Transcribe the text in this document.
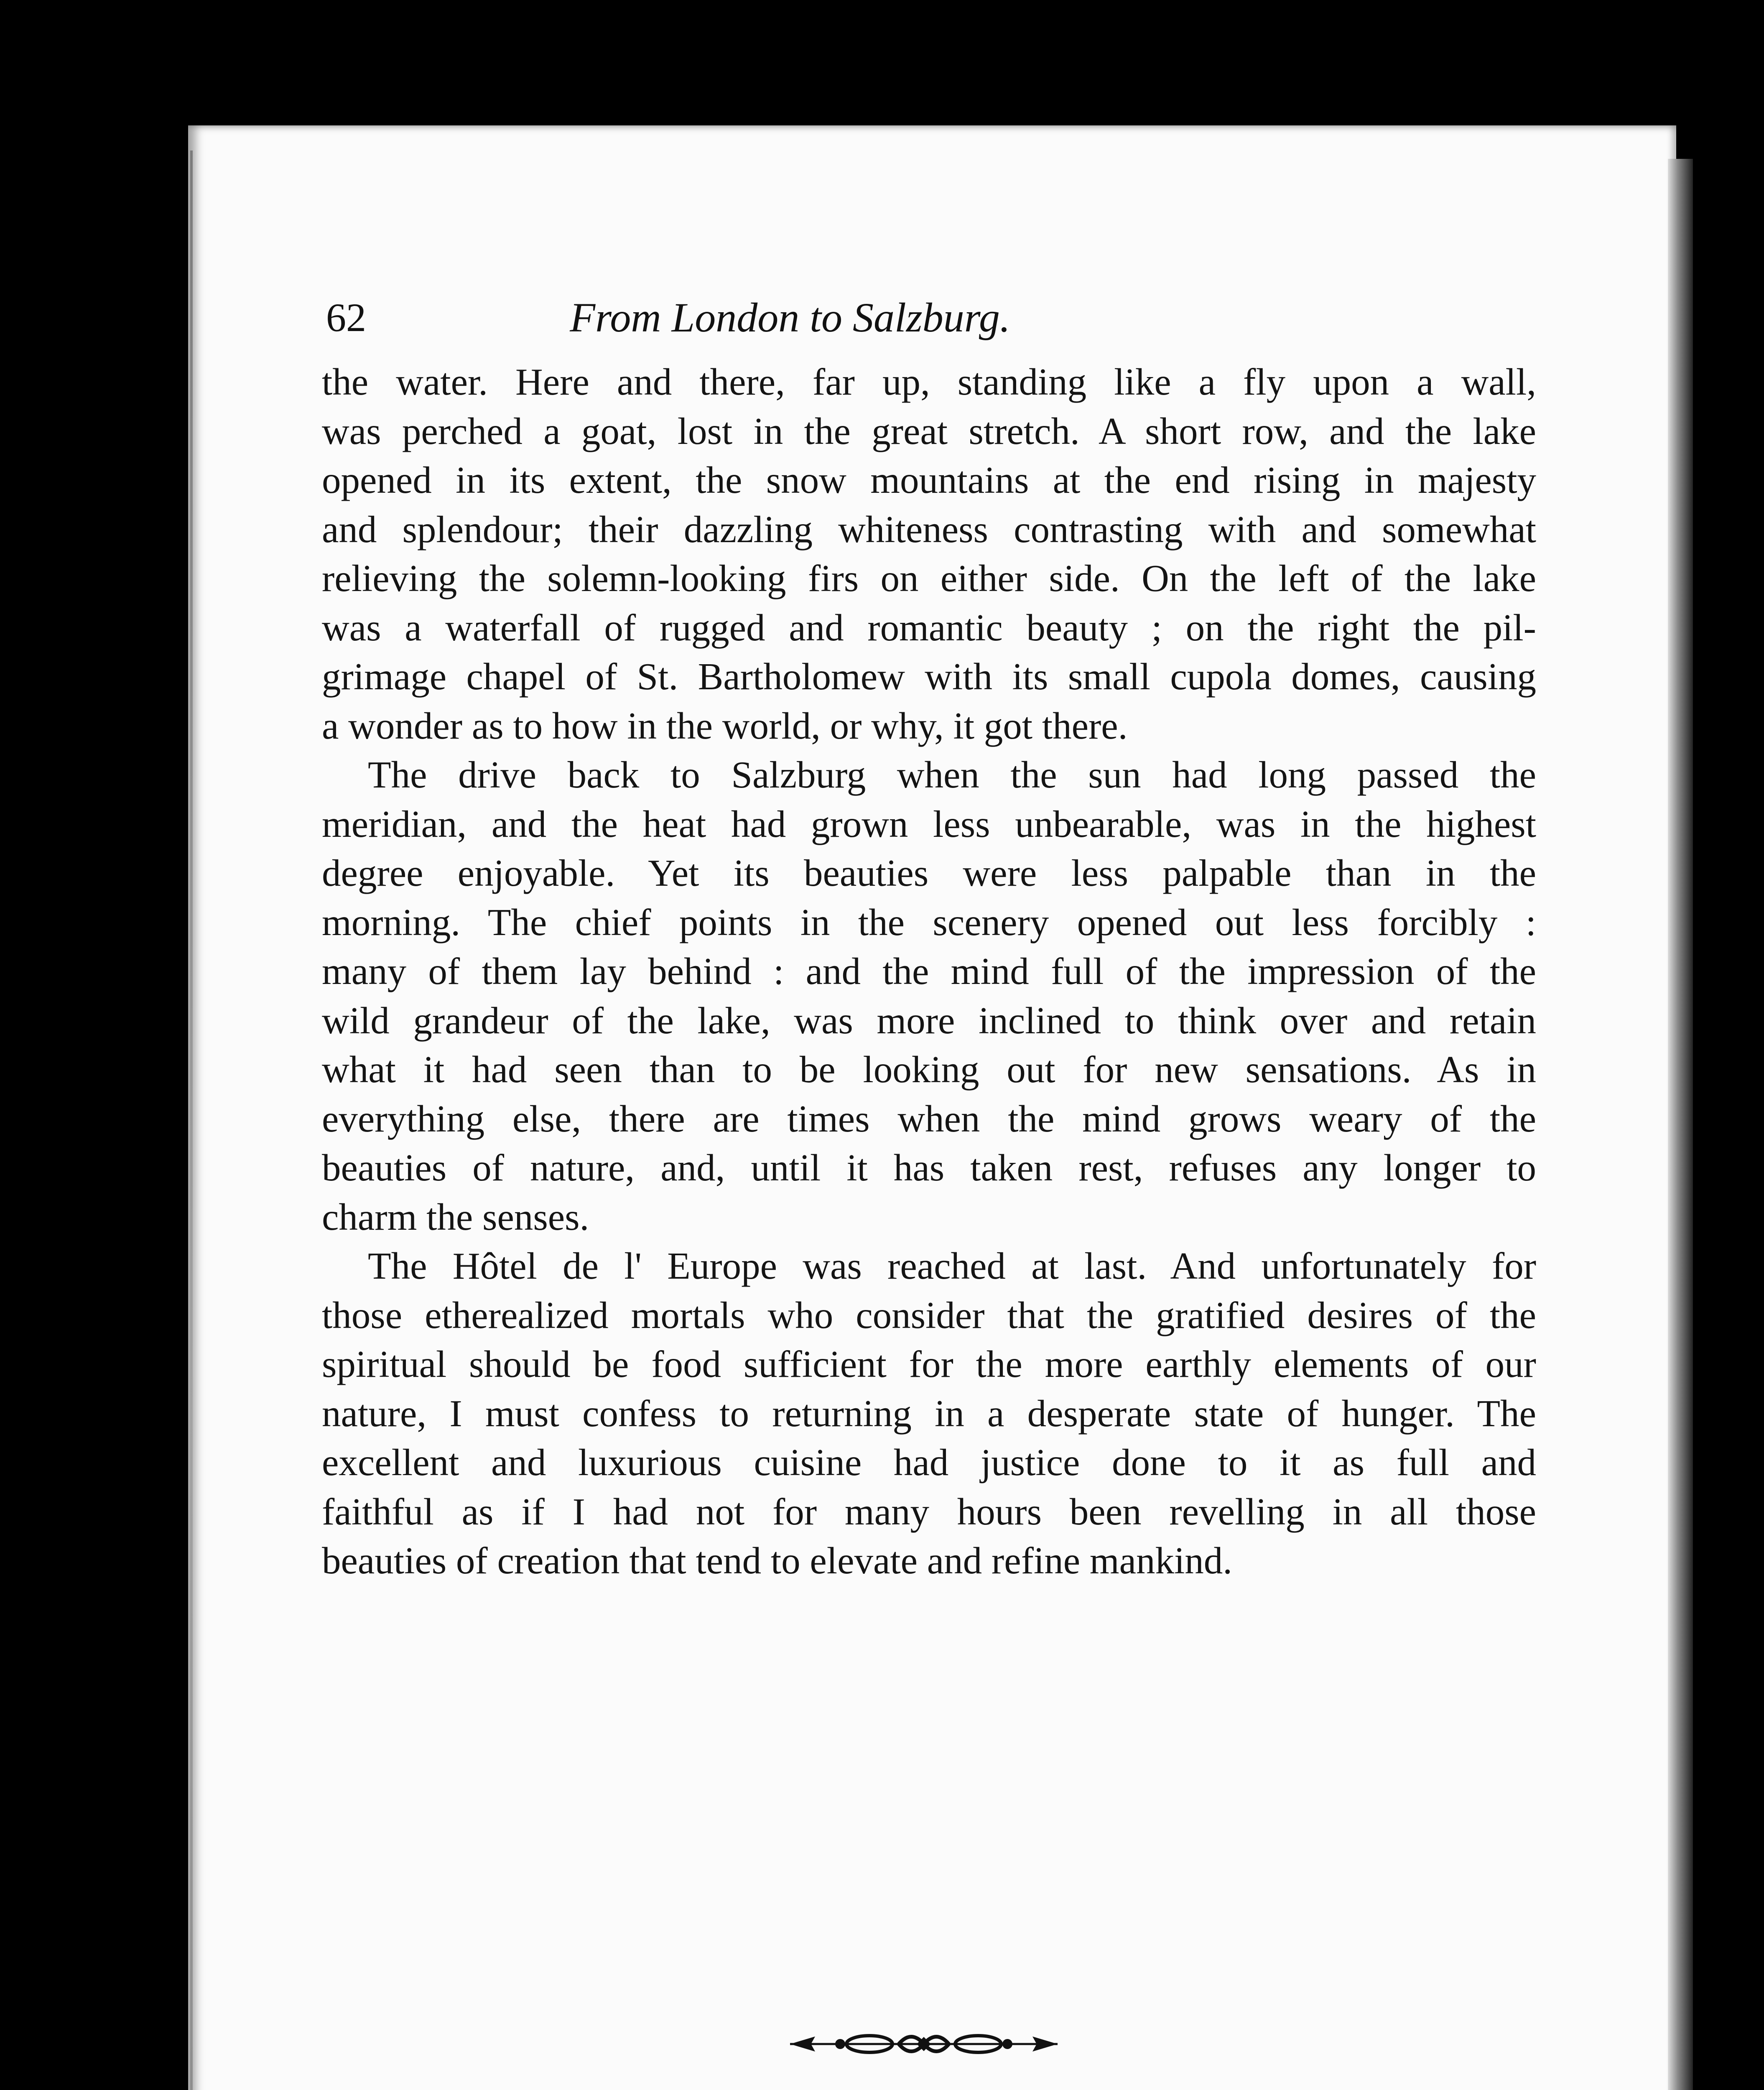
62	From London to Salzburg.
the water. Here and there, far up, standing like a fly upon a wall,
was perched a goat, lost in the great stretch. A short row, and the lake
opened in its extent, the snow mountains at the end rising in majesty
and splendour; their dazzling whiteness contrasting with and somewhat
relieving the solemn-looking firs on either side. On the left of the lake
was a waterfall of rugged and romantic beauty ; on the right the pil-
grimage chapel of St. Bartholomew with its small cupola domes, causing
a wonder as to how in the world, or why, it got there.
The drive back to Salzburg when the sun had long passed the
meridian, and the heat had grown less unbearable, was in the highest
degree enjoyable. Yet its beauties were less palpable than in the
morning. The chief points in the scenery opened out less forcibly :
many of them lay behind : and the mind full of the impression of the
wild grandeur of the lake, was more inclined to think over and retain
what it had seen than to be looking out for new sensations. As in
everything else, there are times when the mind grows weary of the
beauties of nature, and, until it has taken rest, refuses any longer to
charm the senses.
The Hôtel de l' Europe was reached at last. And unfortunately for
those etherealized mortals who consider that the gratified desires of the
spiritual should be food sufficient for the more earthly elements of our
nature, I must confess to returning in a desperate state of hunger. The
excellent and luxurious cuisine had justice done to it as full and
faithful as if I had not for many hours been revelling in all those
beauties of creation that tend to elevate and refine mankind.
